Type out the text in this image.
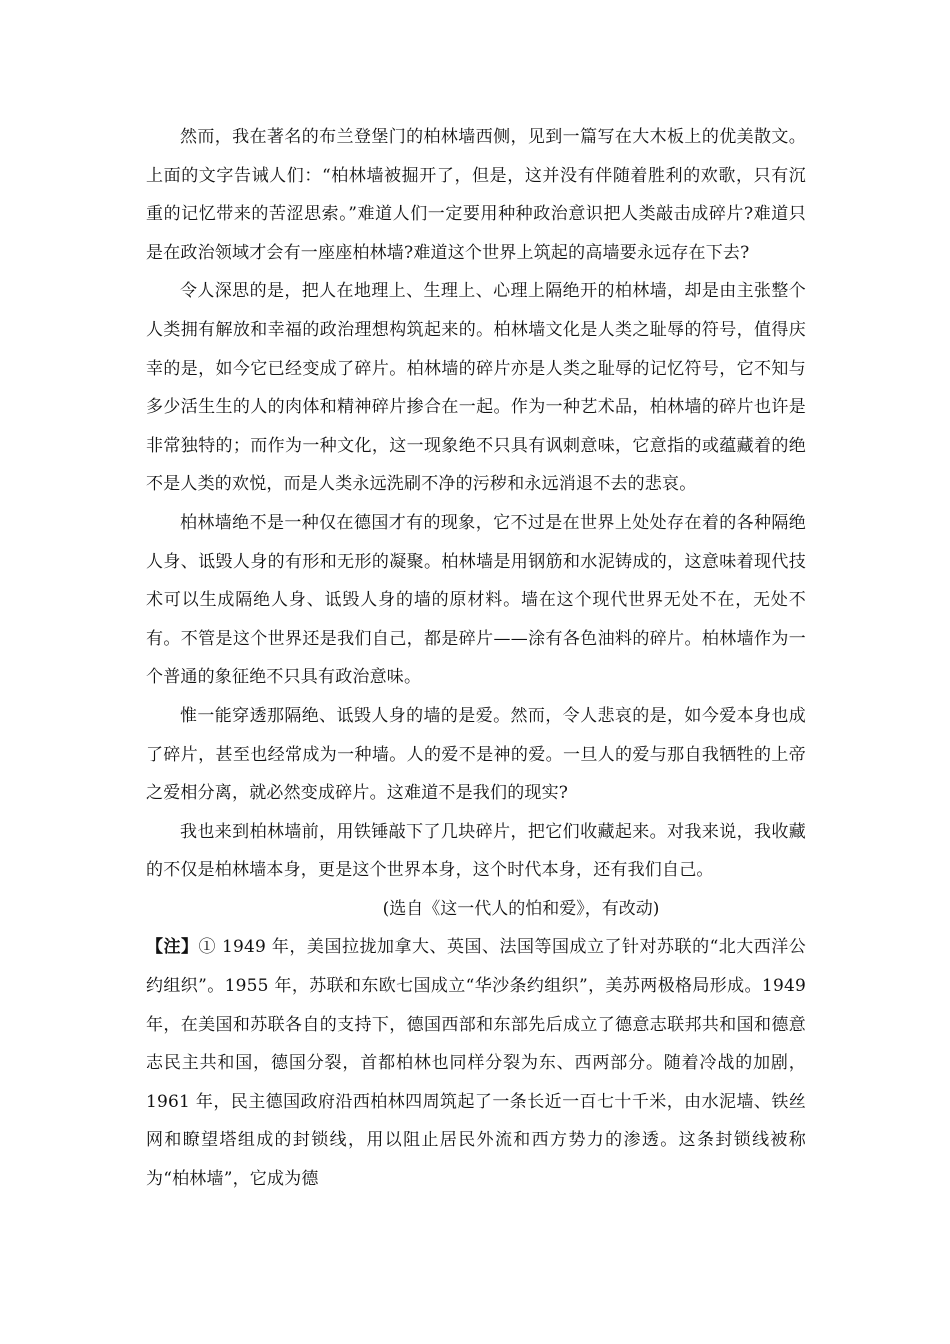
然而，我在著名的布兰登堡门的柏林墙西侧，见到一篇写在大木板上的优美散文。上面的文字告诫人们：“柏林墙被掘开了，但是，这并没有伴随着胜利的欢歌，只有沉重的记忆带来的苦涩思索。”难道人们一定要用种种政治意识把人类敲击成碎片?难道只是在政治领域才会有一座座柏林墙?难道这个世界上筑起的高墙要永远存在下去?

令人深思的是，把人在地理上、生理上、心理上隔绝开的柏林墙，却是由主张整个人类拥有解放和幸福的政治理想构筑起来的。柏林墙文化是人类之耻辱的符号，值得庆幸的是，如今它已经变成了碎片。柏林墙的碎片亦是人类之耻辱的记忆符号，它不知与多少活生生的人的肉体和精神碎片掺合在一起。作为一种艺术品，柏林墙的碎片也许是非常独特的；而作为一种文化，这一现象绝不只具有讽刺意味，它意指的或蕴藏着的绝不是人类的欢悦，而是人类永远洗刷不净的污秽和永远消退不去的悲哀。

柏林墙绝不是一种仅在德国才有的现象，它不过是在世界上处处存在着的各种隔绝人身、诋毁人身的有形和无形的凝聚。柏林墙是用钢筋和水泥铸成的，这意味着现代技术可以生成隔绝人身、诋毁人身的墙的原材料。墙在这个现代世界无处不在，无处不有。不管是这个世界还是我们自己，都是碎片——涂有各色油料的碎片。柏林墙作为一个普通的象征绝不只具有政治意味。

惟一能穿透那隔绝、诋毁人身的墙的是爱。然而，令人悲哀的是，如今爱本身也成了碎片，甚至也经常成为一种墙。人的爱不是神的爱。一旦人的爱与那自我牺牲的上帝之爱相分离，就必然变成碎片。这难道不是我们的现实?

我也来到柏林墙前，用铁锤敲下了几块碎片，把它们收藏起来。对我来说，我收藏的不仅是柏林墙本身，更是这个世界本身，这个时代本身，还有我们自己。

(选自《这一代人的怕和爱》，有改动)

【注】① 1949 年，美国拉拢加拿大、英国、法国等国成立了针对苏联的“北大西洋公约组织”。1955 年，苏联和东欧七国成立“华沙条约组织”，美苏两极格局形成。1949 年，在美国和苏联各自的支持下，德国西部和东部先后成立了德意志联邦共和国和德意志民主共和国，德国分裂，首都柏林也同样分裂为东、西两部分。随着冷战的加剧，1961 年，民主德国政府沿西柏林四周筑起了一条长近一百七十千米，由水泥墙、铁丝网和瞭望塔组成的封锁线，用以阻止居民外流和西方势力的渗透。这条封锁线被称为“柏林墙”，它成为德
